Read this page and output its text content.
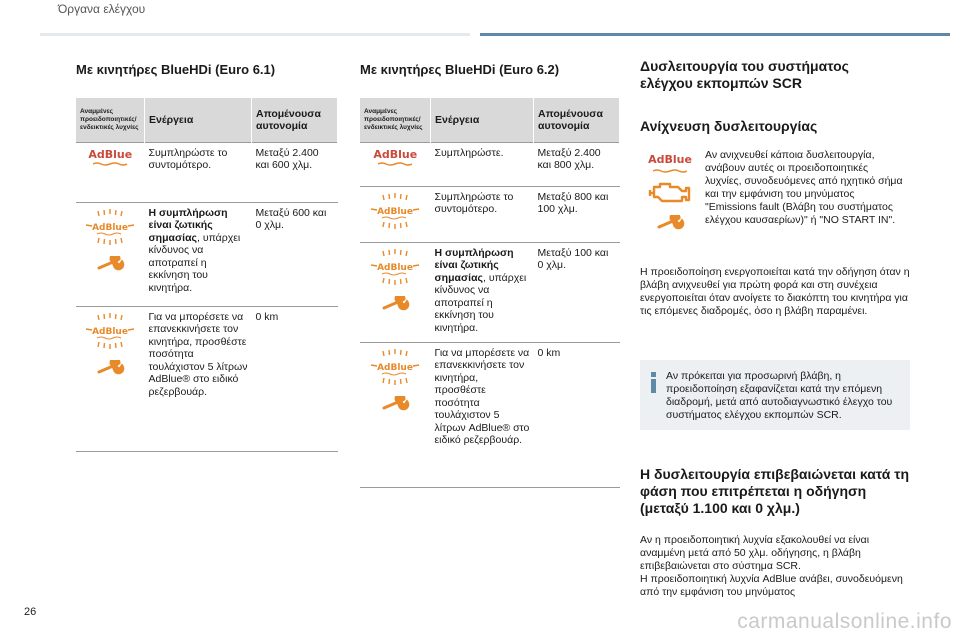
Όργανα ελέγχου
Με κινητήρες BlueHDi (Euro 6.1)
Αναμμένες προειδοποιητικές/ενδεικτικές λυχνίες	Ενέργεια	Απομένουσα αυτονομία

AdBlue	Συμπληρώστε το συντομότερο.	Μεταξύ 2.400 και 600 χλμ.

AdBlue	Η συμπλήρωση είναι ζωτικής σημασίας, υπάρχει κίνδυνος να αποτραπεί η εκκίνηση του κινητήρα.	Μεταξύ 600 και 0 χλμ.

AdBlue	Για να μπορέσετε να επανεκκινήσετε τον κινητήρα, προσθέστε ποσότητα τουλάχιστον 5 λίτρων AdBlue® στο ειδικό ρεζερβουάρ.	0 km
Με κινητήρες BlueHDi (Euro 6.2)
Αναμμένες προειδοποιητικές/ενδεικτικές λυχνίες	Ενέργεια	Απομένουσα αυτονομία

AdBlue	Συμπληρώστε.	Μεταξύ 2.400 και 800 χλμ.

AdBlue	Συμπληρώστε το συντομότερο.	Μεταξύ 800 και 100 χλμ.

AdBlue	Η συμπλήρωση είναι ζωτικής σημασίας, υπάρχει κίνδυνος να αποτραπεί η εκκίνηση του κινητήρα.	Μεταξύ 100 και 0 χλμ.

AdBlue	Για να μπορέσετε να επανεκκινήσετε τον κινητήρα, προσθέστε ποσότητα τουλάχιστον 5 λίτρων AdBlue® στο ειδικό ρεζερβουάρ.	0 km
Δυσλειτουργία του συστήματος ελέγχου εκπομπών SCR
Ανίχνευση δυσλειτουργίας
AdBlue	Αν ανιχνευθεί κάποια δυσλειτουργία, ανάβουν αυτές οι προειδοποιητικές λυχνίες, συνοδευόμενες από ηχητικό σήμα και την εμφάνιση του μηνύματος "Emissions fault (Βλάβη του συστήματος ελέγχου καυσαερίων)" ή "NO START IN".
Η προειδοποίηση ενεργοποιείται κατά την οδήγηση όταν η βλάβη ανιχνευθεί για πρώτη φορά και στη συνέχεια ενεργοποιείται όταν ανοίγετε το διακόπτη του κινητήρα για τις επόμενες διαδρομές, όσο η βλάβη παραμένει.
Αν πρόκειται για προσωρινή βλάβη, η προειδοποίηση εξαφανίζεται κατά την επόμενη διαδρομή, μετά από αυτοδιαγνωστικό έλεγχο του συστήματος ελέγχου εκπομπών SCR.
Η δυσλειτουργία επιβεβαιώνεται κατά τη φάση που επιτρέπεται η οδήγηση (μεταξύ 1.100 και 0 χλμ.)
Αν η προειδοποιητική λυχνία εξακολουθεί να είναι αναμμένη μετά από 50 χλμ. οδήγησης, η βλάβη επιβεβαιώνεται στο σύστημα SCR.
Η προειδοποιητική λυχνία AdBlue ανάβει, συνοδευόμενη από την εμφάνιση του μηνύματος
26	carmanualsonline.info
